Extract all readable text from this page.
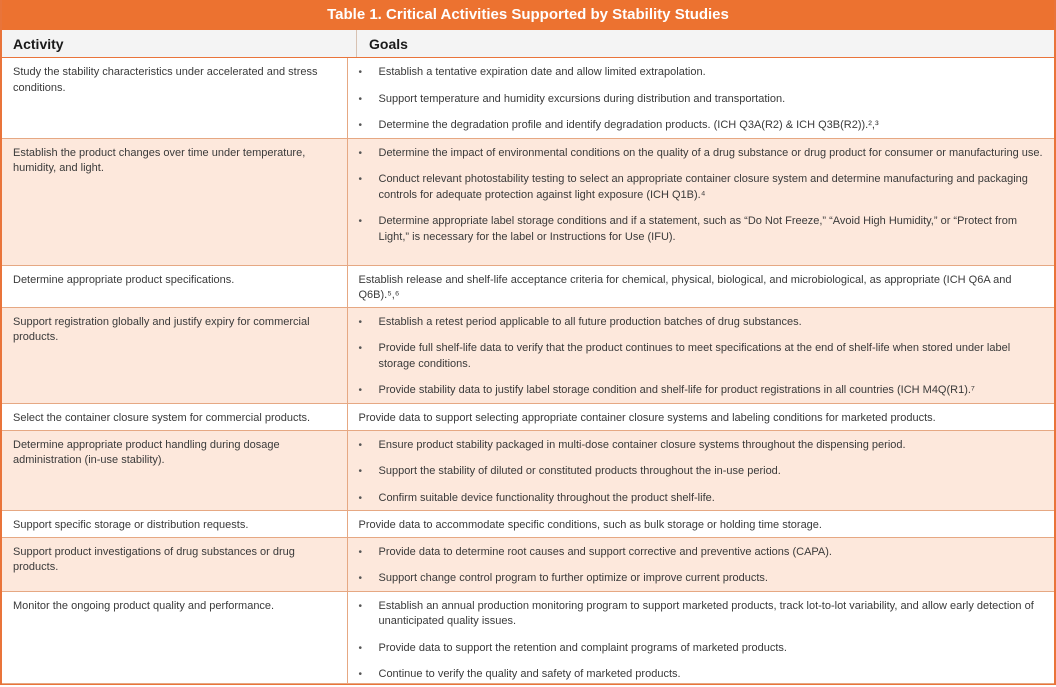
Table 1. Critical Activities Supported by Stability Studies
Activity	Goals
Study the stability characteristics under accelerated and stress conditions.	• Establish a tentative expiration date and allow limited extrapolation.
• Support temperature and humidity excursions during distribution and transportation.
• Determine the degradation profile and identify degradation products. (ICH Q3A(R2) & ICH Q3B(R2)).²,³

Establish the product changes over time under temperature, humidity, and light.	• Determine the impact of environmental conditions on the quality of a drug substance or drug product for consumer or manufacturing use.
• Conduct relevant photostability testing to select an appropriate container closure system and determine manufacturing and packaging controls for adequate protection against light exposure (ICH Q1B).⁴
• Determine appropriate label storage conditions and if a statement, such as “Do Not Freeze,” “Avoid High Humidity,” or “Protect from Light,” is necessary for the label or Instructions for Use (IFU).

Determine appropriate product specifications.	Establish release and shelf-life acceptance criteria for chemical, physical, biological, and microbiological, as appropriate (ICH Q6A and Q6B).⁵,⁶

Support registration globally and justify expiry for commercial products.	• Establish a retest period applicable to all future production batches of drug substances.
• Provide full shelf-life data to verify that the product continues to meet specifications at the end of shelf-life when stored under label storage conditions.
• Provide stability data to justify label storage condition and shelf-life for product registrations in all countries (ICH M4Q(R1).⁷

Select the container closure system for commercial products.	Provide data to support selecting appropriate container closure systems and labeling conditions for marketed products.

Determine appropriate product handling during dosage administration (in-use stability).	• Ensure product stability packaged in multi-dose container closure systems throughout the dispensing period.
• Support the stability of diluted or constituted products throughout the in-use period.
• Confirm suitable device functionality throughout the product shelf-life.

Support specific storage or distribution requests.	Provide data to accommodate specific conditions, such as bulk storage or holding time storage.

Support product investigations of drug substances or drug products.	• Provide data to determine root causes and support corrective and preventive actions (CAPA).
• Support change control program to further optimize or improve current products.

Monitor the ongoing product quality and performance.	• Establish an annual production monitoring program to support marketed products, track lot-to-lot variability, and allow early detection of unanticipated quality issues.
• Provide data to support the retention and complaint programs of marketed products.
• Continue to verify the quality and safety of marketed products.
